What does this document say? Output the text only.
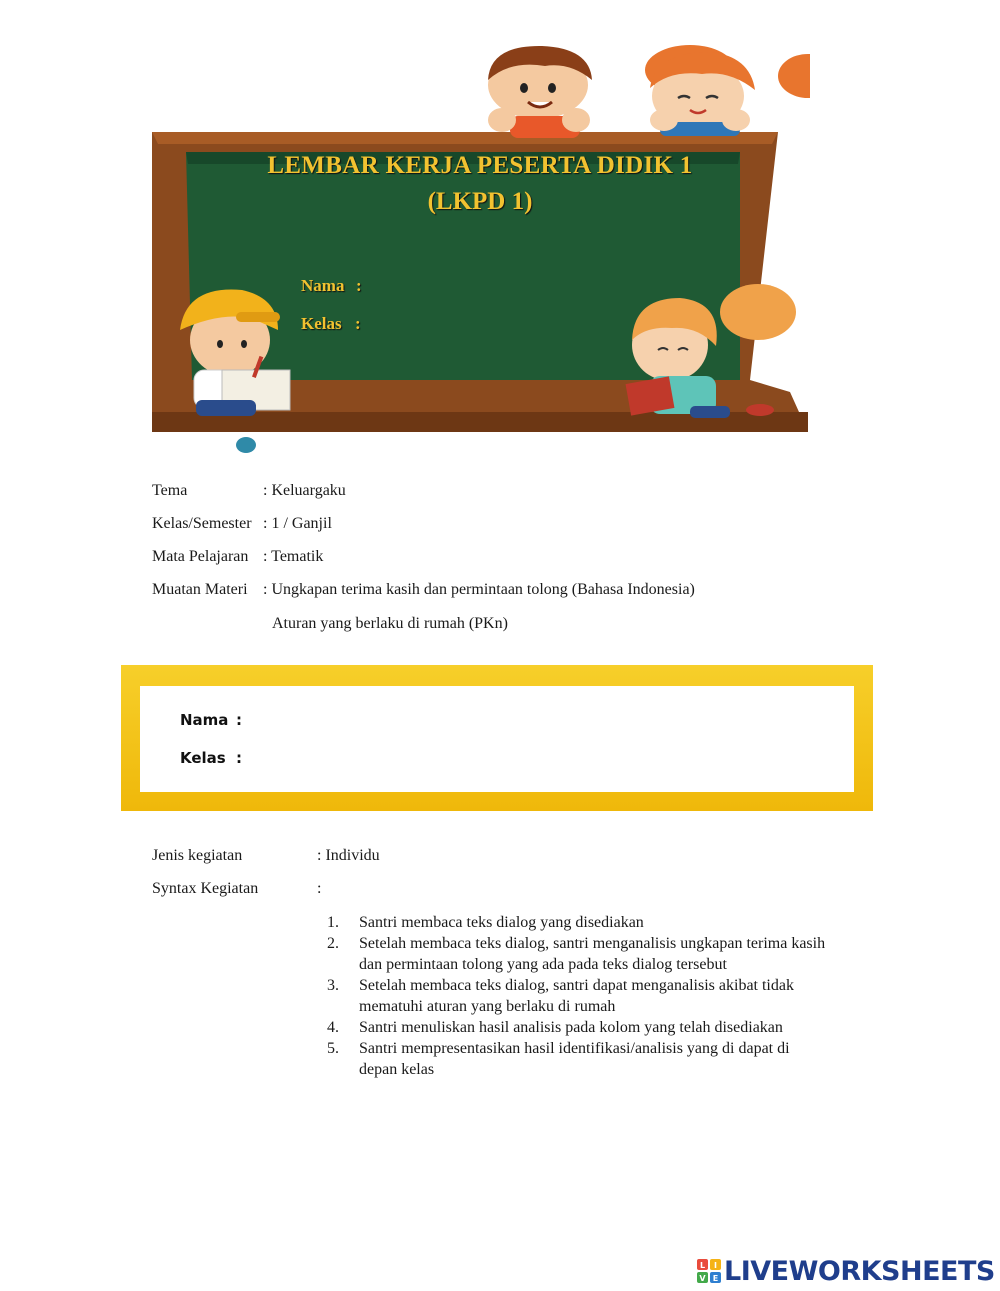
LEMBAR KERJA PESERTA DIDIK 1
(LKPD 1)
Nama :
Kelas :
Tema	: Keluarga​ku
Kelas/Semester : 1 / Ganjil
Mata Pelajaran : Tematik
Muatan Materi : Ungkapan terima kasih dan permintaan tolong (Bahasa Indonesia)
Aturan yang berlaku di rumah (PKn)
Nama :
Kelas :
Jenis kegiatan	: Individu
Syntax Kegiatan	:
1. Santri membaca teks dialog yang disediakan
2. Setelah membaca teks dialog, santri menganalisis ungkapan terima kasih dan permintaan tolong yang ada pada teks dialog tersebut
3. Setelah membaca teks dialog, santri dapat menganalisis akibat tidak mematuhi aturan yang berlaku di rumah
4. Santri menuliskan hasil analisis pada kolom yang telah disediakan
5. Santri mempresentasikan hasil identifikasi/analisis yang di dapat di depan kelas
L I
V E LIVEWORKSHEETS
